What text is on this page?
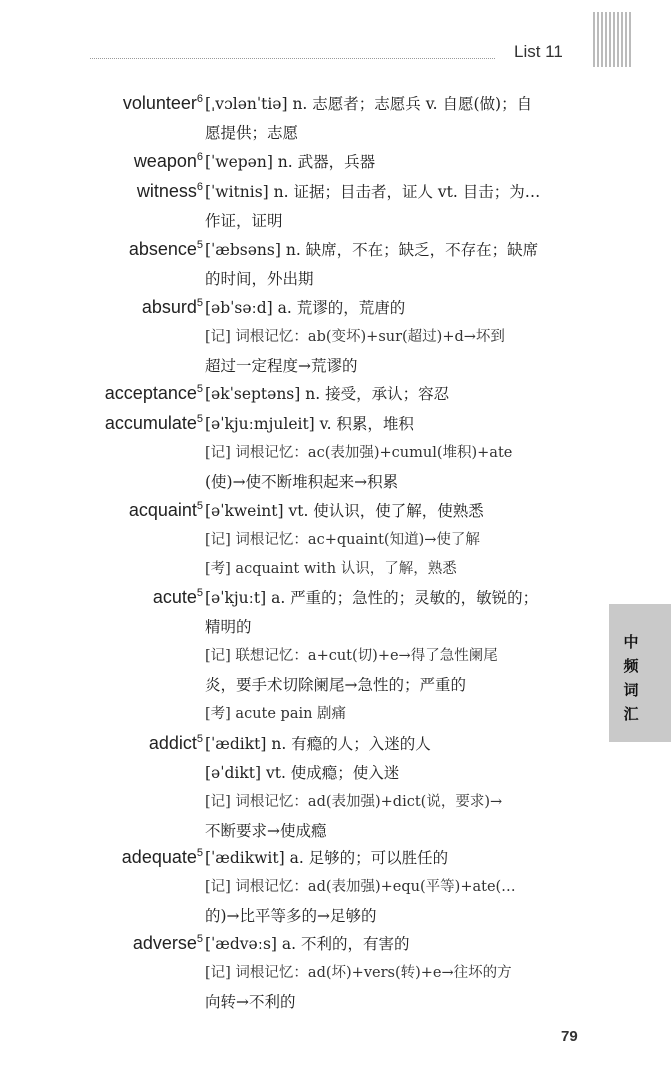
List 11
volunteer$^6$ [ˌvɔlənˈtiə] n. 志愿者；志愿兵 v. 自愿(做)；自
愿提供；志愿
weapon$^6$ [ˈwepən] n. 武器，兵器
witness$^6$ [ˈwitnis] n. 证据；目击者，证人 vt. 目击；为…
作证，证明
absence$^5$ [ˈæbsəns] n. 缺席，不在；缺乏，不存在；缺席
的时间，外出期
absurd$^5$ [əbˈsəːd] a. 荒谬的，荒唐的
[记] 词根记忆：ab(变坏)+sur(超过)+d→坏到
超过一定程度→荒谬的
acceptance$^5$ [əkˈseptəns] n. 接受，承认；容忍
accumulate$^5$ [əˈkjuːmjuleit] v. 积累，堆积
[记] 词根记忆：ac(表加强)+cumul(堆积)+ate
(使)→使不断堆积起来→积累
acquaint$^5$ [əˈkweint] vt. 使认识，使了解，使熟悉
[记] 词根记忆：ac+quaint(知道)→使了解
[考] acquaint with 认识，了解，熟悉
acute$^5$ [əˈkjuːt] a. 严重的；急性的；灵敏的，敏锐的；
精明的
[记] 联想记忆：a+cut(切)+e→得了急性阑尾
炎，要手术切除阑尾→急性的；严重的
[考] acute pain 剧痛
addict$^5$ [ˈædikt] n. 有瘾的人；入迷的人
[əˈdikt] vt. 使成瘾；使入迷
[记] 词根记忆：ad(表加强)+dict(说，要求)→
不断要求→使成瘾
adequate$^5$ [ˈædikwit] a. 足够的；可以胜任的
[记] 词根记忆：ad(表加强)+equ(平等)+ate(…
的)→比平等多的→足够的
adverse$^5$ [ˈædvəːs] a. 不利的，有害的
[记] 词根记忆：ad(坏)+vers(转)+e→往坏的方
向转→不利的
中频词汇
79
